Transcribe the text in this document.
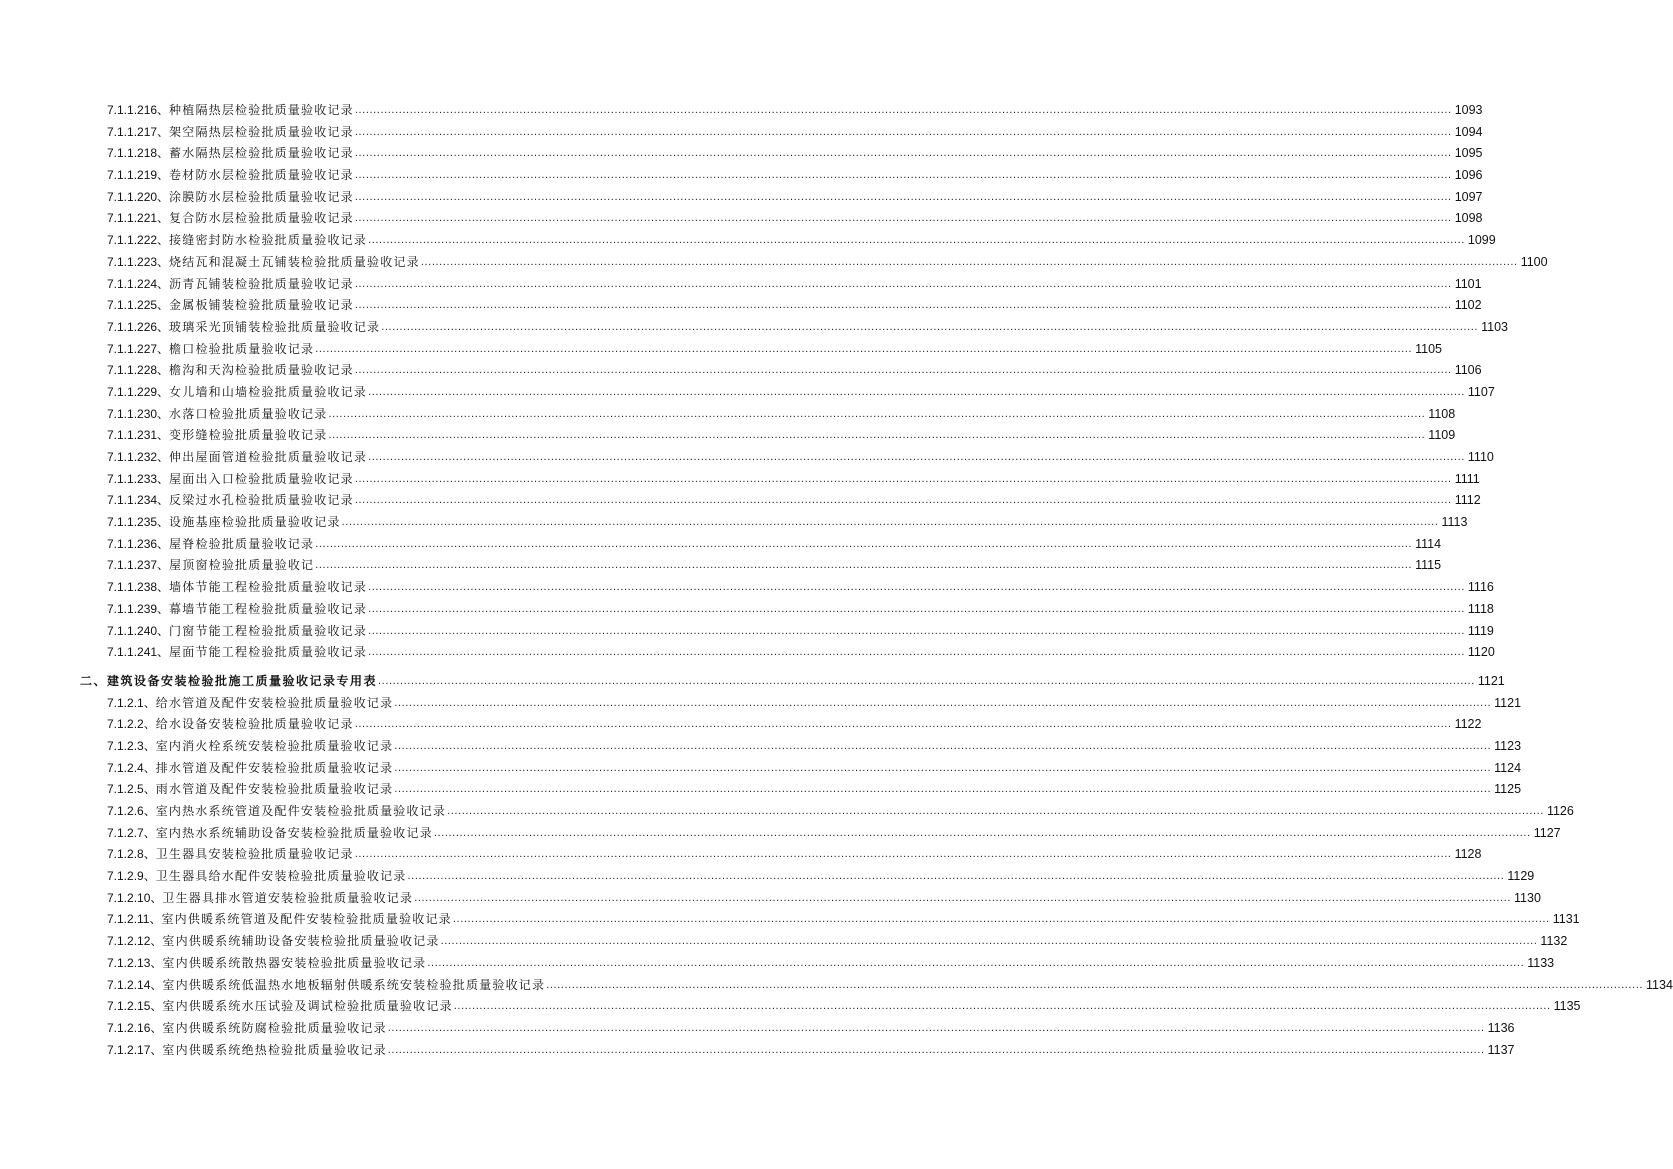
7.1.1.216、种植隔热层检验批质量验收记录 ............................................................................................................................................................................................................................................................................................................ 1093
7.1.1.217、架空隔热层检验批质量验收记录 ............................................................................................................................................................................................................................................................................................................ 1094
7.1.1.218、蓄水隔热层检验批质量验收记录 ............................................................................................................................................................................................................................................................................................................ 1095
7.1.1.219、卷材防水层检验批质量验收记录 ............................................................................................................................................................................................................................................................................................................ 1096
7.1.1.220、涂膜防水层检验批质量验收记录 ............................................................................................................................................................................................................................................................................................................ 1097
7.1.1.221、复合防水层检验批质量验收记录 ............................................................................................................................................................................................................................................................................................................ 1098
7.1.1.222、接缝密封防水检验批质量验收记录 ............................................................................................................................................................................................................................................................................................................ 1099
7.1.1.223、烧结瓦和混凝土瓦铺装检验批质量验收记录 ............................................................................................................................................................................................................................................................................................................ 1100
7.1.1.224、沥青瓦铺装检验批质量验收记录 ............................................................................................................................................................................................................................................................................................................ 1101
7.1.1.225、金属板铺装检验批质量验收记录 ............................................................................................................................................................................................................................................................................................................ 1102
7.1.1.226、玻璃采光顶铺装检验批质量验收记录 ............................................................................................................................................................................................................................................................................................................ 1103
7.1.1.227、檐口检验批质量验收记录 ............................................................................................................................................................................................................................................................................................................ 1105
7.1.1.228、檐沟和天沟检验批质量验收记录 ............................................................................................................................................................................................................................................................................................................ 1106
7.1.1.229、女儿墙和山墙检验批质量验收记录 ............................................................................................................................................................................................................................................................................................................ 1107
7.1.1.230、水落口检验批质量验收记录 ............................................................................................................................................................................................................................................................................................................ 1108
7.1.1.231、变形缝检验批质量验收记录 ............................................................................................................................................................................................................................................................................................................ 1109
7.1.1.232、伸出屋面管道检验批质量验收记录 ............................................................................................................................................................................................................................................................................................................ 1110
7.1.1.233、屋面出入口检验批质量验收记录 ............................................................................................................................................................................................................................................................................................................ 1111
7.1.1.234、反梁过水孔检验批质量验收记录 ............................................................................................................................................................................................................................................................................................................ 1112
7.1.1.235、设施基座检验批质量验收记录 ............................................................................................................................................................................................................................................................................................................ 1113
7.1.1.236、屋脊检验批质量验收记录 ............................................................................................................................................................................................................................................................................................................ 1114
7.1.1.237、屋顶窗检验批质量验收记 ............................................................................................................................................................................................................................................................................................................ 1115
7.1.1.238、墙体节能工程检验批质量验收记录 ............................................................................................................................................................................................................................................................................................................ 1116
7.1.1.239、幕墙节能工程检验批质量验收记录 ............................................................................................................................................................................................................................................................................................................ 1118
7.1.1.240、门窗节能工程检验批质量验收记录 ............................................................................................................................................................................................................................................................................................................ 1119
7.1.1.241、屋面节能工程检验批质量验收记录 ............................................................................................................................................................................................................................................................................................................ 1120
二、建筑设备安装检验批施工质量验收记录专用表 ............................................................................................................................................................................................................................................................................................................ 1121
7.1.2.1、给水管道及配件安装检验批质量验收记录 ............................................................................................................................................................................................................................................................................................................ 1121
7.1.2.2、给水设备安装检验批质量验收记录 ............................................................................................................................................................................................................................................................................................................ 1122
7.1.2.3、室内消火栓系统安装检验批质量验收记录 ............................................................................................................................................................................................................................................................................................................ 1123
7.1.2.4、排水管道及配件安装检验批质量验收记录 ............................................................................................................................................................................................................................................................................................................ 1124
7.1.2.5、雨水管道及配件安装检验批质量验收记录 ............................................................................................................................................................................................................................................................................................................ 1125
7.1.2.6、室内热水系统管道及配件安装检验批质量验收记录 ............................................................................................................................................................................................................................................................................................................ 1126
7.1.2.7、室内热水系统辅助设备安装检验批质量验收记录 ............................................................................................................................................................................................................................................................................................................ 1127
7.1.2.8、卫生器具安装检验批质量验收记录 ............................................................................................................................................................................................................................................................................................................ 1128
7.1.2.9、卫生器具给水配件安装检验批质量验收记录 ............................................................................................................................................................................................................................................................................................................ 1129
7.1.2.10、卫生器具排水管道安装检验批质量验收记录 ............................................................................................................................................................................................................................................................................................................ 1130
7.1.2.11、室内供暖系统管道及配件安装检验批质量验收记录 ............................................................................................................................................................................................................................................................................................................ 1131
7.1.2.12、室内供暖系统辅助设备安装检验批质量验收记录 ............................................................................................................................................................................................................................................................................................................ 1132
7.1.2.13、室内供暖系统散热器安装检验批质量验收记录 ............................................................................................................................................................................................................................................................................................................ 1133
7.1.2.14、室内供暖系统低温热水地板辐射供暖系统安装检验批质量验收记录 ............................................................................................................................................................................................................................................................................................................ 1134
7.1.2.15、室内供暖系统水压试验及调试检验批质量验收记录 ............................................................................................................................................................................................................................................................................................................ 1135
7.1.2.16、室内供暖系统防腐检验批质量验收记录 ............................................................................................................................................................................................................................................................................................................ 1136
7.1.2.17、室内供暖系统绝热检验批质量验收记录 ............................................................................................................................................................................................................................................................................................................ 1137
